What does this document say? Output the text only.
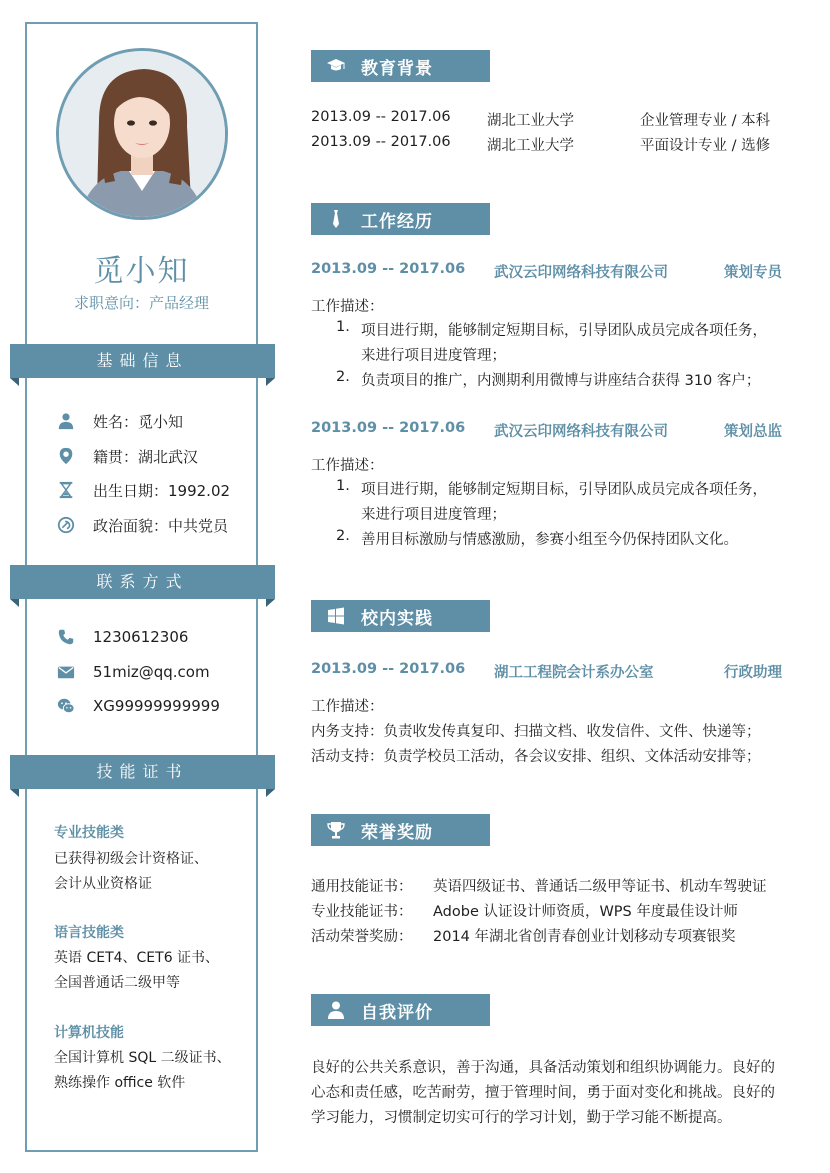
觅小知
求职意向：产品经理
基础信息
姓名：觅小知
籍贯：湖北武汉
出生日期：1992.02
政治面貌：中共党员
联系方式
1230612306
51miz@qq.com
XG99999999999
技能证书
专业技能类
已获得初级会计资格证、
会计从业资格证
语言技能类
英语 CET4、CET6 证书、
全国普通话二级甲等
计算机技能
全国计算机 SQL 二级证书、
熟练操作 office 软件
教育背景
2013.09 -- 2017.06	湖北工业大学	企业管理专业 / 本科
2013.09 -- 2017.06	湖北工业大学	平面设计专业 / 选修
工作经历
2013.09 -- 2017.06 武汉云印网络科技有限公司	策划专员
工作描述：
1. 项目进行期，能够制定短期目标，引导团队成员完成各项任务，
来进行项目进度管理；
2. 负责项目的推广，内测期利用微博与讲座结合获得 310 客户；
2013.09 -- 2017.06 武汉云印网络科技有限公司	策划总监
工作描述：
1. 项目进行期，能够制定短期目标，引导团队成员完成各项任务，
来进行项目进度管理；
2. 善用目标激励与情感激励，参赛小组至今仍保持团队文化。
校内实践
2013.09 -- 2017.06 湖工工程院会计系办公室	行政助理
工作描述：
内务支持：负责收发传真复印、扫描文档、收发信件、文件、快递等；
活动支持：负责学校员工活动，各会议安排、组织、文体活动安排等；
荣誉奖励
通用技能证书： 英语四级证书、普通话二级甲等证书、机动车驾驶证
专业技能证书： Adobe 认证设计师资质，WPS 年度最佳设计师
活动荣誉奖励： 2014 年湖北省创青春创业计划移动专项赛银奖
自我评价
良好的公共关系意识，善于沟通，具备活动策划和组织协调能力。良好的
心态和责任感，吃苦耐劳，擅于管理时间，勇于面对变化和挑战。良好的
学习能力，习惯制定切实可行的学习计划，勤于学习能不断提高。
